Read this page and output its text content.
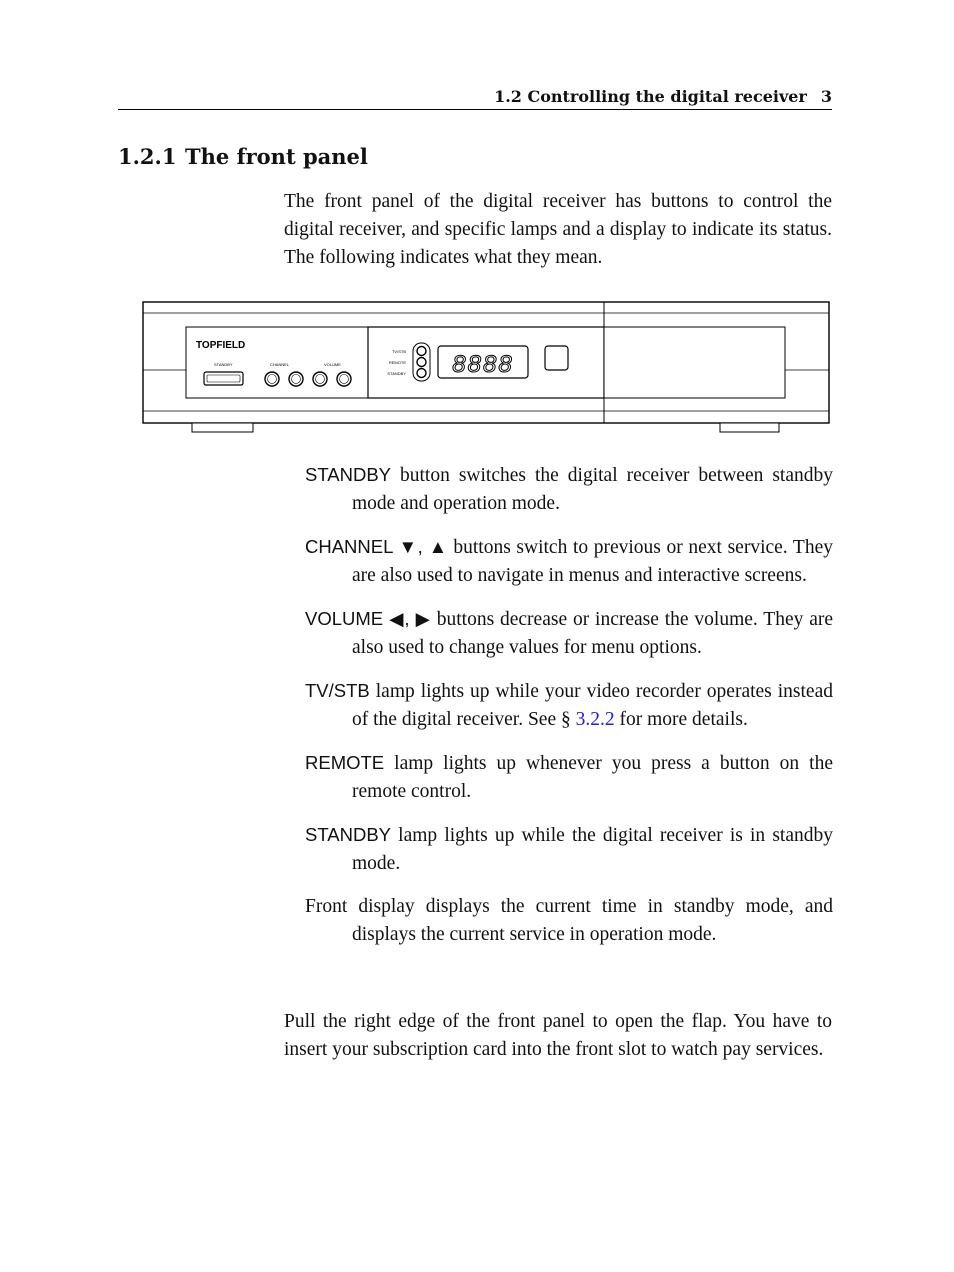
1.2 Controlling the digital receiver 3
1.2.1 The front panel

The front panel of the digital receiver has buttons to control the digital receiver, and specific lamps and a display to indicate its status. The following indicates what they mean.

TOPFIELD
STANDBY	CHANNEL	VOLUME
TV/STB
REMOTE
STANDBY 8888
STANDBY button switches the digital receiver between standby mode and operation mode.
CHANNEL ▼, ▲ buttons switch to previous or next service. They are also used to navigate in menus and interactive screens.
VOLUME ◀, ▶ buttons decrease or increase the volume. They are also used to change values for menu options.
TV/STB lamp lights up while your video recorder operates instead of the digital receiver. See § 3.2.2 for more details.
REMOTE lamp lights up whenever you press a button on the remote control.
STANDBY lamp lights up while the digital receiver is in standby mode.
Front display displays the current time in standby mode, and displays the current service in operation mode.

Pull the right edge of the front panel to open the flap. You have to insert your subscription card into the front slot to watch pay services.
